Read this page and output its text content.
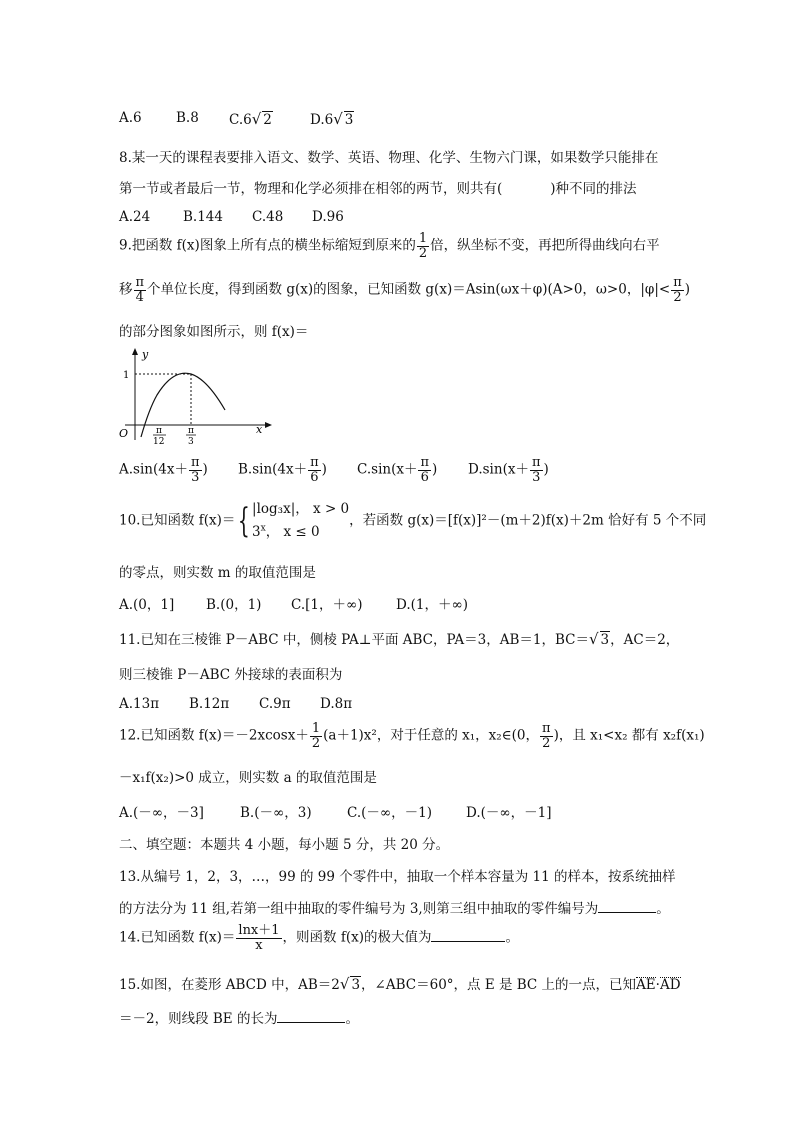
A.6	B.8 C.6√ 2	D.6√ 3
8.某一天的课程表要排入语文、数学、英语、物理、化学、生物六门课，如果数学只能排在
第一节或者最后一节，物理和化学必须排在相邻的两节，则共有(	)种不同的排法
A.24 B.144 C.48 D.96
9.把函数 f(x)图象上所有点的横坐标缩短到原来的 $\frac{1}{2}$ 倍，纵坐标不变，再把所得曲线向右平
移 $\frac{\pi}{4}$ 个单位长度，得到函数 g(x)的图象，已知函数 g(x)＝Asin(ωx＋φ)(A>0，ω>0，$|\varphi|< \frac{\pi}{2}$ )
的部分图象如图所示，则 f(x)＝
y
x
O
1
π
12
π
3
$A.\sin(4x+ \frac{\pi}{3}$ ) $B.\sin(4x+ \frac{\pi}{6}$ ) $C.\sin(x+ \frac{\pi}{6}$ ) $D.\sin(x+ \frac{\pi}{3}$ )
10.已知函数 f(x)＝{ |log₃x|， x > 0
3$^x$， x ≤ 0
，若函数 g(x)＝[f(x)]²－(m＋2)f(x)＋2m 恰好有 5 个不同
的零点，则实数 m 的取值范围是
A.(0，1] B.(0，1) C.[1，＋∞) D.(1，＋∞)
11.已知在三棱锥 P－ABC 中，侧棱 PA⊥平面 ABC，PA＝3，AB＝1，BC＝√ 3，AC＝2，
则三棱锥 P－ABC 外接球的表面积为
A.13π B.12π C.9π D.8π
12.已知函数 $f(x)=-2xcosx+ \frac{1}{2} (a+1)x^2$，对于任意的 x₁，x₂∈(0， $\frac{\pi}{2}$ )，且 x₁<x₂ 都有 x₂f(x₁)
－x₁f(x₂)>0 成立，则实数 a 的取值范围是
A.(－∞，－3]	B.(－∞，3)	C.(－∞，－1)	D.(－∞，－1]
二、填空题：本题共 4 小题，每小题 5 分，共 20 分。
13.从编号 1，2，3，…，99 的 99 个零件中，抽取一个样本容量为 11 的样本，按系统抽样
的方法分为 11 组,若第一组中抽取的零件编号为 3,则第三组中抽取的零件编号为	。
14.已知函数 $f(x)= \frac{\ln x+1}{x}$ ，则函数 f(x)的极大值为	。
15.如图，在菱形 ABCD 中，AB＝2√ 3，∠ABC＝60°，点 E 是 BC 上的一点，已知AE·AD
＝－2，则线段 BE 的长为	。
